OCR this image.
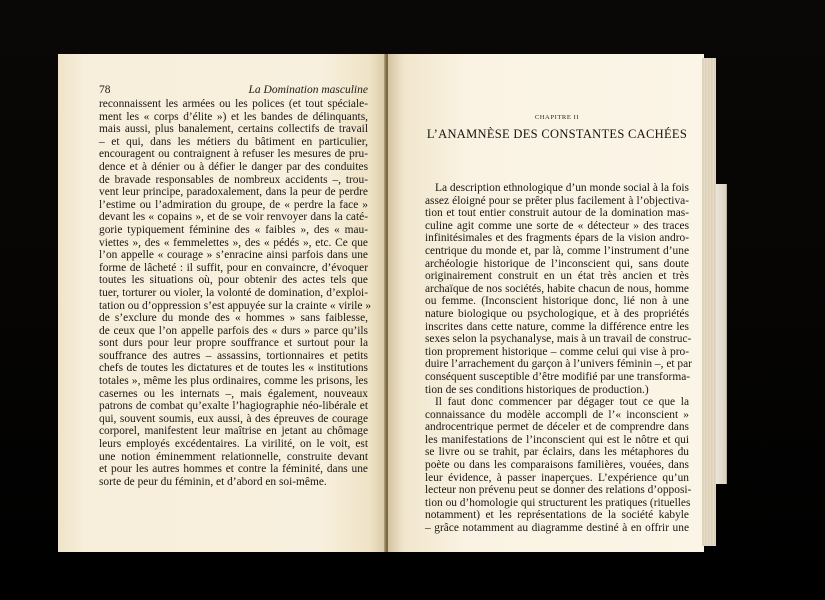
78	La Domination masculine
reconnaissent les armées ou les polices (et tout spéciale-
ment les « corps d’élite ») et les bandes de délinquants,
mais aussi, plus banalement, certains collectifs de travail
– et qui, dans les métiers du bâtiment en particulier,
encouragent ou contraignent à refuser les mesures de pru-
dence et à dénier ou à défier le danger par des conduites
de bravade responsables de nombreux accidents –, trou-
vent leur principe, paradoxalement, dans la peur de perdre
l’estime ou l’admiration du groupe, de « perdre la face »
devant les « copains », et de se voir renvoyer dans la caté-
gorie typiquement féminine des « faibles », des « mau-
viettes », des « femmelettes », des « pédés », etc. Ce que
l’on appelle « courage » s’enracine ainsi parfois dans une
forme de lâcheté : il suffit, pour en convaincre, d’évoquer
toutes les situations où, pour obtenir des actes tels que
tuer, torturer ou violer, la volonté de domination, d’exploi-
tation ou d’oppression s’est appuyée sur la crainte « virile »
de s’exclure du monde des « hommes » sans faiblesse,
de ceux que l’on appelle parfois des « durs » parce qu’ils
sont durs pour leur propre souffrance et surtout pour la
souffrance des autres – assassins, tortionnaires et petits
chefs de toutes les dictatures et de toutes les « institutions
totales », même les plus ordinaires, comme les prisons, les
casernes ou les internats –, mais également, nouveaux
patrons de combat qu’exalte l’hagiographie néo-libérale et
qui, souvent soumis, eux aussi, à des épreuves de courage
corporel, manifestent leur maîtrise en jetant au chômage
leurs employés excédentaires. La virilité, on le voit, est
une notion éminemment relationnelle, construite devant
et pour les autres hommes et contre la féminité, dans une
sorte de peur du féminin, et d’abord en soi-même.
CHAPITRE II
L’ANAMNÈSE DES CONSTANTES CACHÉES
La description ethnologique d’un monde social à la fois
assez éloigné pour se prêter plus facilement à l’objectiva-
tion et tout entier construit autour de la domination mas-
culine agit comme une sorte de « détecteur » des traces
infinitésimales et des fragments épars de la vision andro-
centrique du monde et, par là, comme l’instrument d’une
archéologie historique de l’inconscient qui, sans doute
originairement construit en un état très ancien et très
archaïque de nos sociétés, habite chacun de nous, homme
ou femme. (Inconscient historique donc, lié non à une
nature biologique ou psychologique, et à des propriétés
inscrites dans cette nature, comme la différence entre les
sexes selon la psychanalyse, mais à un travail de construc-
tion proprement historique – comme celui qui vise à pro-
duire l’arrachement du garçon à l’univers féminin –, et par
conséquent susceptible d’être modifié par une transforma-
tion de ses conditions historiques de production.)
Il faut donc commencer par dégager tout ce que la
connaissance du modèle accompli de l’« inconscient »
androcentrique permet de déceler et de comprendre dans
les manifestations de l’inconscient qui est le nôtre et qui
se livre ou se trahit, par éclairs, dans les métaphores du
poète ou dans les comparaisons familières, vouées, dans
leur évidence, à passer inaperçues. L’expérience qu’un
lecteur non prévenu peut se donner des relations d’opposi-
tion ou d’homologie qui structurent les pratiques (rituelles
notamment) et les représentations de la société kabyle
– grâce notamment au diagramme destiné à en offrir une
